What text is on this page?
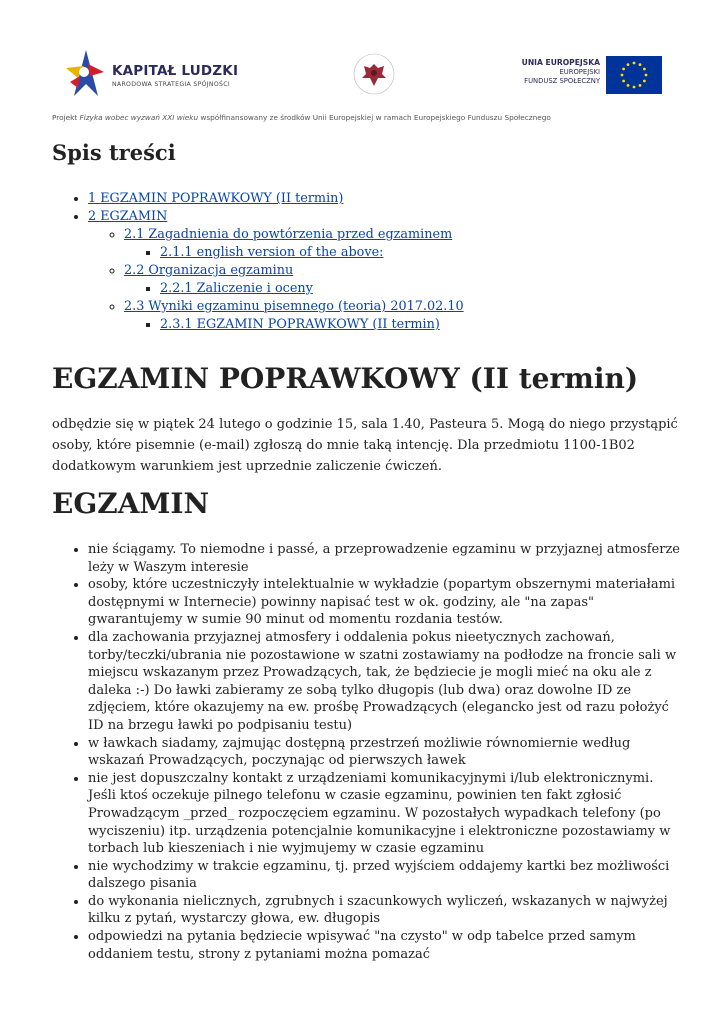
KAPITAŁ LUDZKI
NARODOWA STRATEGIA SPÓJNOŚCI
UNIA EUROPEJSKA
EUROPEJSKI
FUNDUSZ SPOŁECZNY
Projekt Fizyka wobec wyzwań XXI wieku współfinansowany ze środków Unii Europejskiej w ramach Europejskiego Funduszu Społecznego
Spis treści
• 1 EGZAMIN POPRAWKOWY (II termin)
• 2 EGZAMIN
◦ 2.1 Zagadnienia do powtórzenia przed egzaminem
▪ 2.1.1 english version of the above:
◦ 2.2 Organizacja egzaminu
▪ 2.2.1 Zaliczenie i oceny
◦ 2.3 Wyniki egzaminu pisemnego (teoria) 2017.02.10
▪ 2.3.1 EGZAMIN POPRAWKOWY (II termin)
EGZAMIN POPRAWKOWY (II termin)

odbędzie się w piątek 24 lutego o godzinie 15, sala 1.40, Pasteura 5. Mogą do niego przystąpić osoby, które pisemnie (e-mail) zgłoszą do mnie taką intencję. Dla przedmiotu 1100-1B02 dodatkowym warunkiem jest uprzednie zaliczenie ćwiczeń.

EGZAMIN
• nie ściągamy. To niemodne i passé, a przeprowadzenie egzaminu w przyjaznej atmosferze leży w Waszym interesie
• osoby, które uczestniczyły intelektualnie w wykładzie (popartym obszernymi materiałami dostępnymi w Internecie) powinny napisać test w ok. godziny, ale "na zapas" gwarantujemy w sumie 90 minut od momentu rozdania testów.
• dla zachowania przyjaznej atmosfery i oddalenia pokus nieetycznych zachowań, torby/teczki/ubrania nie pozostawione w szatni zostawiamy na podłodze na froncie sali w miejscu wskazanym przez Prowadzących, tak, że będziecie je mogli mieć na oku ale z daleka :-) Do ławki zabieramy ze sobą tylko długopis (lub dwa) oraz dowolne ID ze zdjęciem, które okazujemy na ew. prośbę Prowadzących (elegancko jest od razu położyć ID na brzegu ławki po podpisaniu testu)
• w ławkach siadamy, zajmując dostępną przestrzeń możliwie równomiernie według wskazań Prowadzących, poczynając od pierwszych ławek
• nie jest dopuszczalny kontakt z urządzeniami komunikacyjnymi i/lub elektronicznymi. Jeśli ktoś oczekuje pilnego telefonu w czasie egzaminu, powinien ten fakt zgłosić Prowadzącym _przed_ rozpoczęciem egzaminu. W pozostałych wypadkach telefony (po wyciszeniu) itp. urządzenia potencjalnie komunikacyjne i elektroniczne pozostawiamy w torbach lub kieszeniach i nie wyjmujemy w czasie egzaminu
• nie wychodzimy w trakcie egzaminu, tj. przed wyjściem oddajemy kartki bez możliwości dalszego pisania
• do wykonania nielicznych, zgrubnych i szacunkowych wyliczeń, wskazanych w najwyżej kilku z pytań, wystarczy głowa, ew. długopis
• odpowiedzi na pytania będziecie wpisywać "na czysto" w odp tabelce przed samym oddaniem testu, strony z pytaniami można pomazać
